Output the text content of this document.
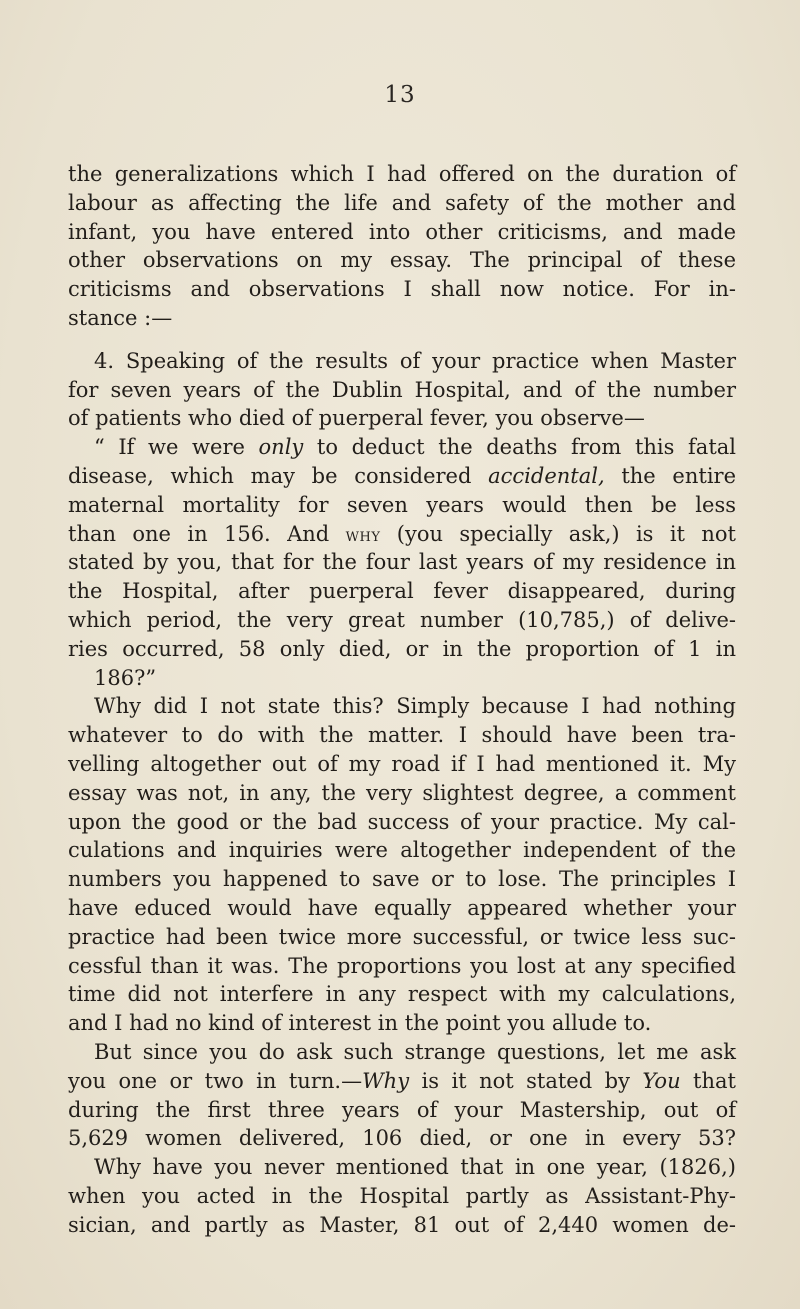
13
the generalizations which I had offered on the duration of
labour as affecting the life and safety of the mother and
infant, you have entered into other criticisms, and made
other observations on my essay. The principal of these
criticisms and observations I shall now notice. For in-
stance :—
4. Speaking of the results of your practice when Master
for seven years of the Dublin Hospital, and of the number
of patients who died of puerperal fever, you observe—
“ If we were only to deduct the deaths from this fatal
disease, which may be considered accidental, the entire
maternal mortality for seven years would then be less
than one in 156. And why (you specially ask,) is it not
stated by you, that for the four last years of my residence in
the Hospital, after puerperal fever disappeared, during
which period, the very great number (10,785,) of delive-
ries occurred, 58 only died, or in the proportion of 1 in
186?”
Why did I not state this? Simply because I had nothing
whatever to do with the matter. I should have been tra-
velling altogether out of my road if I had mentioned it. My
essay was not, in any, the very slightest degree, a comment
upon the good or the bad success of your practice. My cal-
culations and inquiries were altogether independent of the
numbers you happened to save or to lose. The principles I
have educed would have equally appeared whether your
practice had been twice more successful, or twice less suc-
cessful than it was. The proportions you lost at any specified
time did not interfere in any respect with my calculations,
and I had no kind of interest in the point you allude to.
But since you do ask such strange questions, let me ask
you one or two in turn.—Why is it not stated by You that
during the first three years of your Mastership, out of
5,629 women delivered, 106 died, or one in every 53?
Why have you never mentioned that in one year, (1826,)
when you acted in the Hospital partly as Assistant-Phy-
sician, and partly as Master, 81 out of 2,440 women de-
